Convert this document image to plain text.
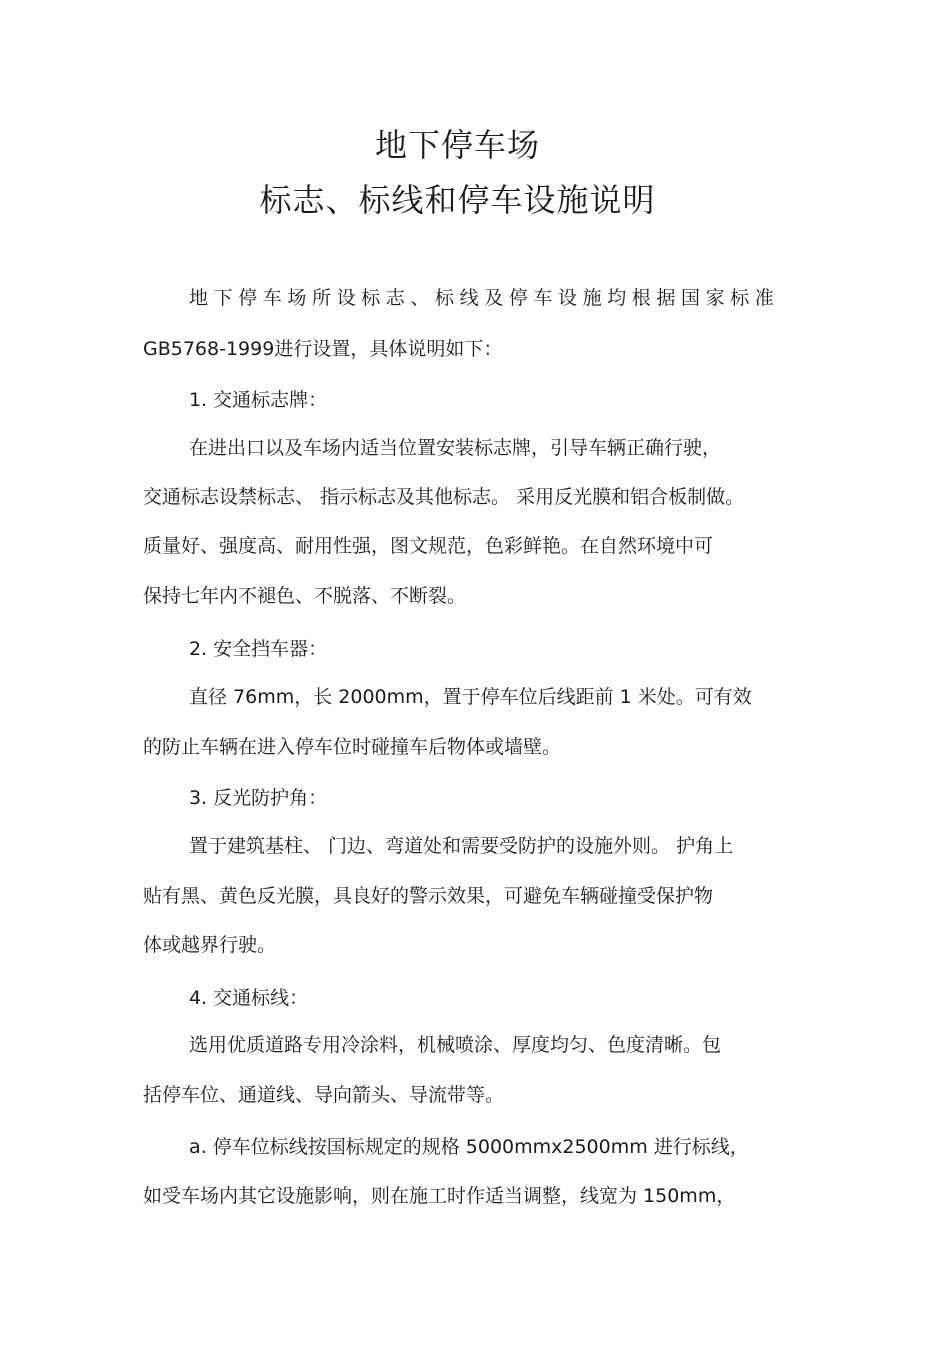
地下停车场
标志、标线和停车设施说明
地下停车场所设标志、标线及停车设施均根据国家标准
GB5768-1999进行设置，具体说明如下：
1. 交通标志牌：
在进出口以及车场内适当位置安装标志牌，引导车辆正确行驶，
交通标志设禁标志、 指示标志及其他标志。 采用反光膜和铝合板制做。
质量好、强度高、耐用性强，图文规范，色彩鲜艳。在自然环境中可
保持七年内不褪色、不脱落、不断裂。
2. 安全挡车器：
直径 76mm，长 2000mm，置于停车位后线距前 1 米处。可有效
的防止车辆在进入停车位时碰撞车后物体或墙壁。
3. 反光防护角：
置于建筑基柱、 门边、弯道处和需要受防护的设施外则。 护角上
贴有黑、黄色反光膜，具良好的警示效果，可避免车辆碰撞受保护物
体或越界行驶。
4. 交通标线：
选用优质道路专用冷涂料，机械喷涂、厚度均匀、色度清晰。包
括停车位、通道线、导向箭头、导流带等。
a. 停车位标线按国标规定的规格 5000mmx2500mm 进行标线，
如受车场内其它设施影响，则在施工时作适当调整，线宽为 150mm，
